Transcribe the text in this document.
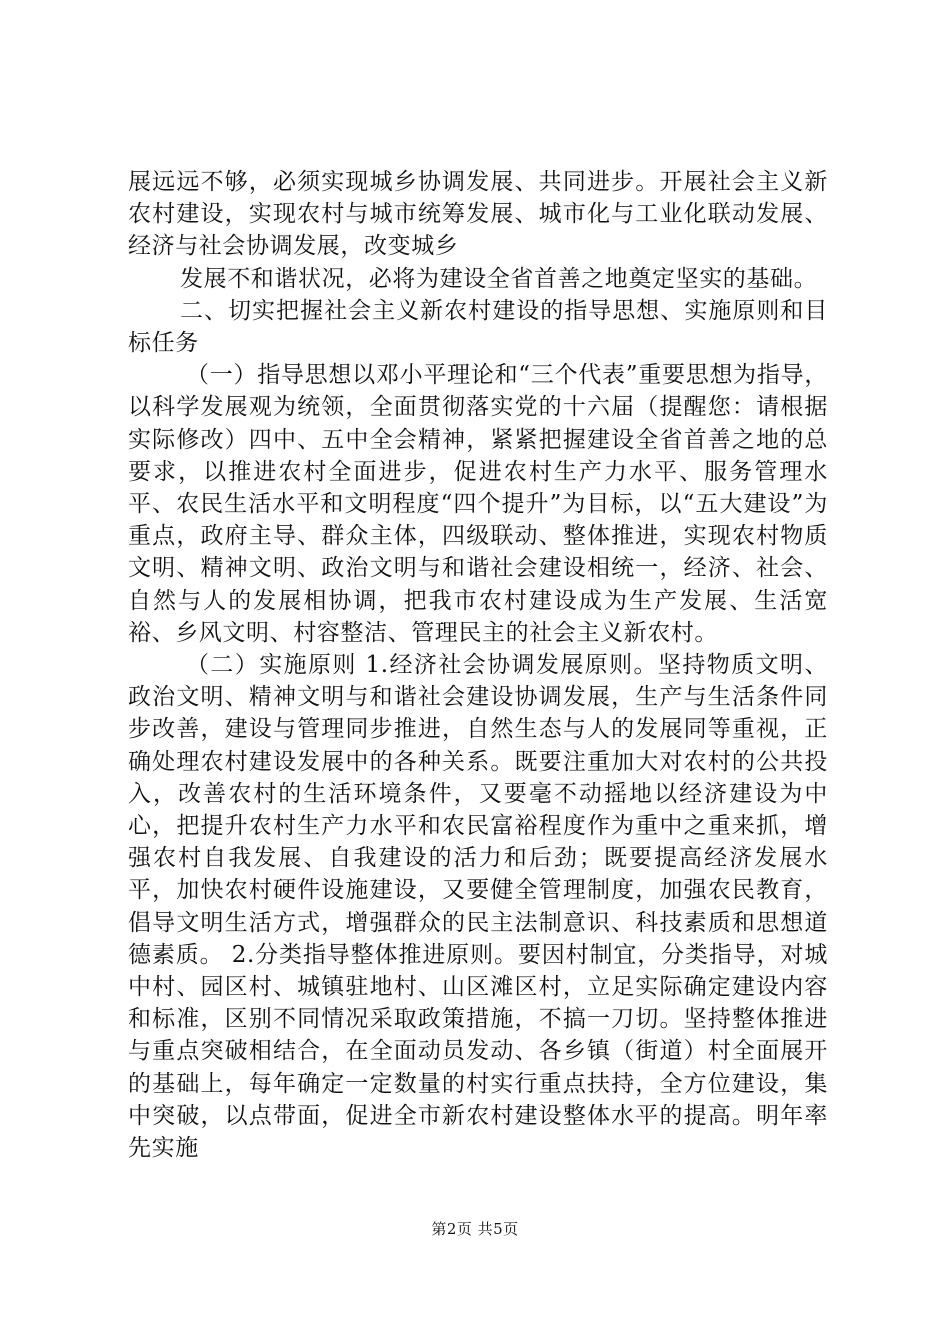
展远远不够，必须实现城乡协调发展、共同进步。开展社会主义新农村建设，实现农村与城市统筹发展、城市化与工业化联动发展、经济与社会协调发展，改变城乡

发展不和谐状况，必将为建设全省首善之地奠定坚实的基础。

二、切实把握社会主义新农村建设的指导思想、实施原则和目标任务

（一）指导思想以邓小平理论和“三个代表”重要思想为指导，以科学发展观为统领，全面贯彻落实党的十六届（提醒您：请根据实际修改）四中、五中全会精神，紧紧把握建设全省首善之地的总要求，以推进农村全面进步，促进农村生产力水平、服务管理水平、农民生活水平和文明程度“四个提升”为目标，以“五大建设”为重点，政府主导、群众主体，四级联动、整体推进，实现农村物质文明、精神文明、政治文明与和谐社会建设相统一，经济、社会、自然与人的发展相协调，把我市农村建设成为生产发展、生活宽裕、乡风文明、村容整洁、管理民主的社会主义新农村。

（二）实施原则 1.经济社会协调发展原则。坚持物质文明、政治文明、精神文明与和谐社会建设协调发展，生产与生活条件同步改善，建设与管理同步推进，自然生态与人的发展同等重视，正确处理农村建设发展中的各种关系。既要注重加大对农村的公共投入，改善农村的生活环境条件，又要毫不动摇地以经济建设为中心，把提升农村生产力水平和农民富裕程度作为重中之重来抓，增强农村自我发展、自我建设的活力和后劲；既要提高经济发展水平，加快农村硬件设施建设，又要健全管理制度，加强农民教育，倡导文明生活方式，增强群众的民主法制意识、科技素质和思想道德素质。 2.分类指导整体推进原则。要因村制宜，分类指导，对城中村、园区村、城镇驻地村、山区滩区村，立足实际确定建设内容和标准，区别不同情况采取政策措施，不搞一刀切。坚持整体推进与重点突破相结合，在全面动员发动、各乡镇（街道）村全面展开的基础上，每年确定一定数量的村实行重点扶持，全方位建设，集中突破，以点带面，促进全市新农村建设整体水平的提高。明年率先实施

第2页 共5页
